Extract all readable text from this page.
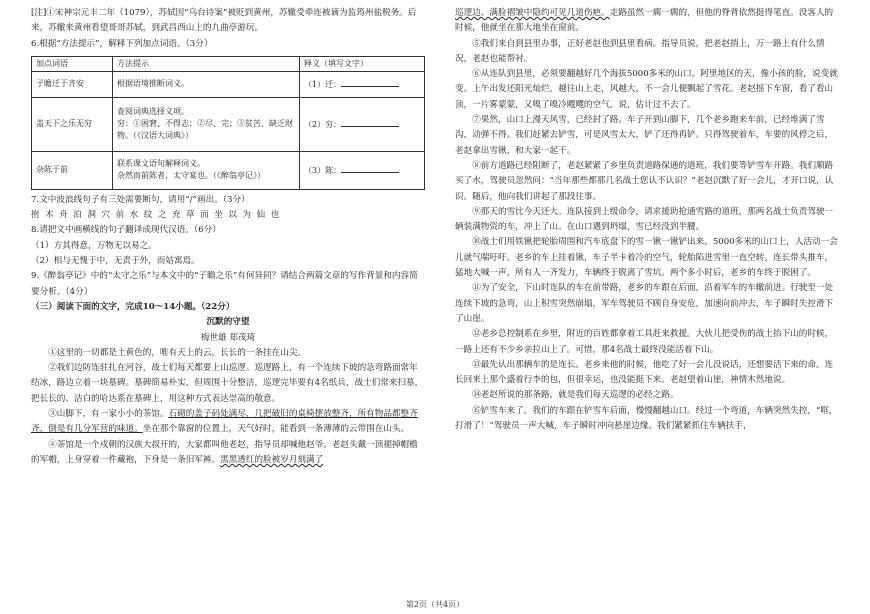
[注]①宋神宗元丰二年（1079），苏轼因“乌台诗案”被贬到黄州，苏辙受牵连被谪为监筠州盐税务。后来，苏辙来黄州看望哥哥苏轼，到武昌西山上的九曲亭游玩。

6.根据“方法提示”，解释下列加点词语。（3分）

加点词语	方法提示	释义（填写文字）
子瞻迁于齐安	根据语境推断词义。	（1）迁：
盖天下之乐无穷	查阅词典选择义项。
穷：①困窘、不得志；②尽、完；③贫苦、缺乏财物。（《汉语大词典》）	（2）穷：
杂陈于前	联系课文语句解释词义。
杂然而前陈者，太守宴也。（《醉翁亭记》）	（3）陈：

7.文中波浪线句子有三处需要断句，请用“/”画出。（3分）

拊木舟泊洞穴前水纹之充草而坐以为仙也

8.请把文中画横线的句子翻译成现代汉语。（6分）

（1）方其得意，万物无以易之。

（2）相与无愧于中，无责于外，而姑寓焉。

9.《醉翁亭记》中的“太守之乐”与本文中的“子瞻之乐”有何异同？请结合两篇文章的写作背景和内容简要分析。（4分）

（三）阅读下面的文字，完成10～14小题。（22分）

沉默的守望

梅世雄 郑茂琦

①这里的一切都是土黄色的，唯有天上的云，长长的一条挂在山尖。

②我们边防连驻扎在河谷，战士们每天都要上山巡逻。巡逻路上，有一个连续下坡的急弯路面常年结冰，路边立着一块墓碑。墓碑简易朴实，但周围十分整洁，巡逻完毕要有4名纸兵，战士们常来扫墓，把长长的、洁白的哈达系在墓碑上，用这种方式表达崇高的敬意。

③山脚下，有一家小小的茶馆。石砌的盖子码处满尽，几把破旧的桌椅摆放整齐，所有物品都整齐齐，倒是有几分军营的味道。坐在那个靠窗的位置上，天气好时，能看到一条薄薄的云带围在山头。

④茶馆是一个戍朝的汉族大叔开的，大家都叫他老赵，指导员却喊他赵爷。老赵头戴一顶褪掉帽檐的军帽，上身穿着一件藏袍，下身是一条旧军裤。黑黑透红的脸被岁月刻满了

巡逻边、满脸褶皱中隐约可见几道伤疤。走路虽然一瘸一瘸的，但他的脊背依然挺得笔直。没客人的时候，他就坐在那大地坐在窗前。

⑤我们来自到县里办事，正好老赵也到县里看病。指导员说，把老赵捎上，万一路上有什么情况，老赵也能帮衬。

⑥从连队到县里，必须要翻越好几个海拔5000多米的山口。阿里地区的天，像小孩的脸，说变就变。上午出发还阳光灿烂，越往山上走，风越大，不一会儿便飘起了雪花。老赵摇下车窗，看了看山顶，一片雾蒙蒙，又嗅了嗅冷飕飕的空气，说，估计过不去了。

⑦果然，山口上漫天风雪，已经封了路。车子开到山脚下，几个老乡跑来车前，已经堆满了雪沟，动弹不得。我们赶紧去铲雪，可是风雪太大，铲了还得再铲。只得驾驶着车，车要的风停之后，老赵拿出雪锹，和大家一起干。

⑧前方道路已经阻断了，老赵紧紧了乡里负责道路保通的道班，我们要等铲雪车开路。我们顺路买了水，驾驶员忽然问：“当年那些都那几名战士您认不认识？”老赵沉默了好一会儿，才开口说，认识。随后，他向我们讲起了那段往事。

⑨那天的雪比今天还大。连队接到上级命令，请求援助抢通雪路的道班，那两名战士负责驾驶一辆装满物资的车，冲上了山。在山口遇到坍塌，雪已经没到半腰。

⑩战士们用铁锹把轮胎周围和汽车底盘下的雪一锹一锹铲出来。5000多米的山口上，人活动一会儿就气喘吁吁。老乡的车上挂着锹，车子半卡着冷的空气，轮胎陷进雪里一直空转。连长带头推车，猛地大喊一声，所有人一齐发力，车辆终于脱离了雪坑。两个多小时后，老乡的车终于脱困了。

⑪为了安全，下山时连队的车在前带路，老乡的车跟在后面，沿着军车的车辙前进。行驶至一处连续下坡的急弯，山上积雪突然崩塌，军车驾驶员不顾自身安危，加速向前冲去，车子瞬时失控滑下了山崖。

⑫老乡总控制系在乡里，附近的百姓都拿着工具赶来救援。大伙儿把受伤的战士抬下山的时候，一路上还有不少乡亲拉山上了。可惜，那4名战士最终没能活着下山。

⑬最先认出那辆车的是连长。老乡来他的时候，他吃了好一会儿没说话，还想要活下来的命。连长回来上那个盛着行李的包，但很幸运，也没能挺下来。老赵望着山崖，神情木然地说。

⑭老赵所说的那条路，就是我们每天巡逻的必经之路。

⑮铲雪车来了，我们的车跟在铲雪车后面，慢慢翻越山口。经过一个弯道，车辆突然失控，“哐，打滑了！”驾驶员一声大喊，车子瞬时冲向悬崖边缘。我们紧紧抓住车辆扶手，

第2页（共4页）
